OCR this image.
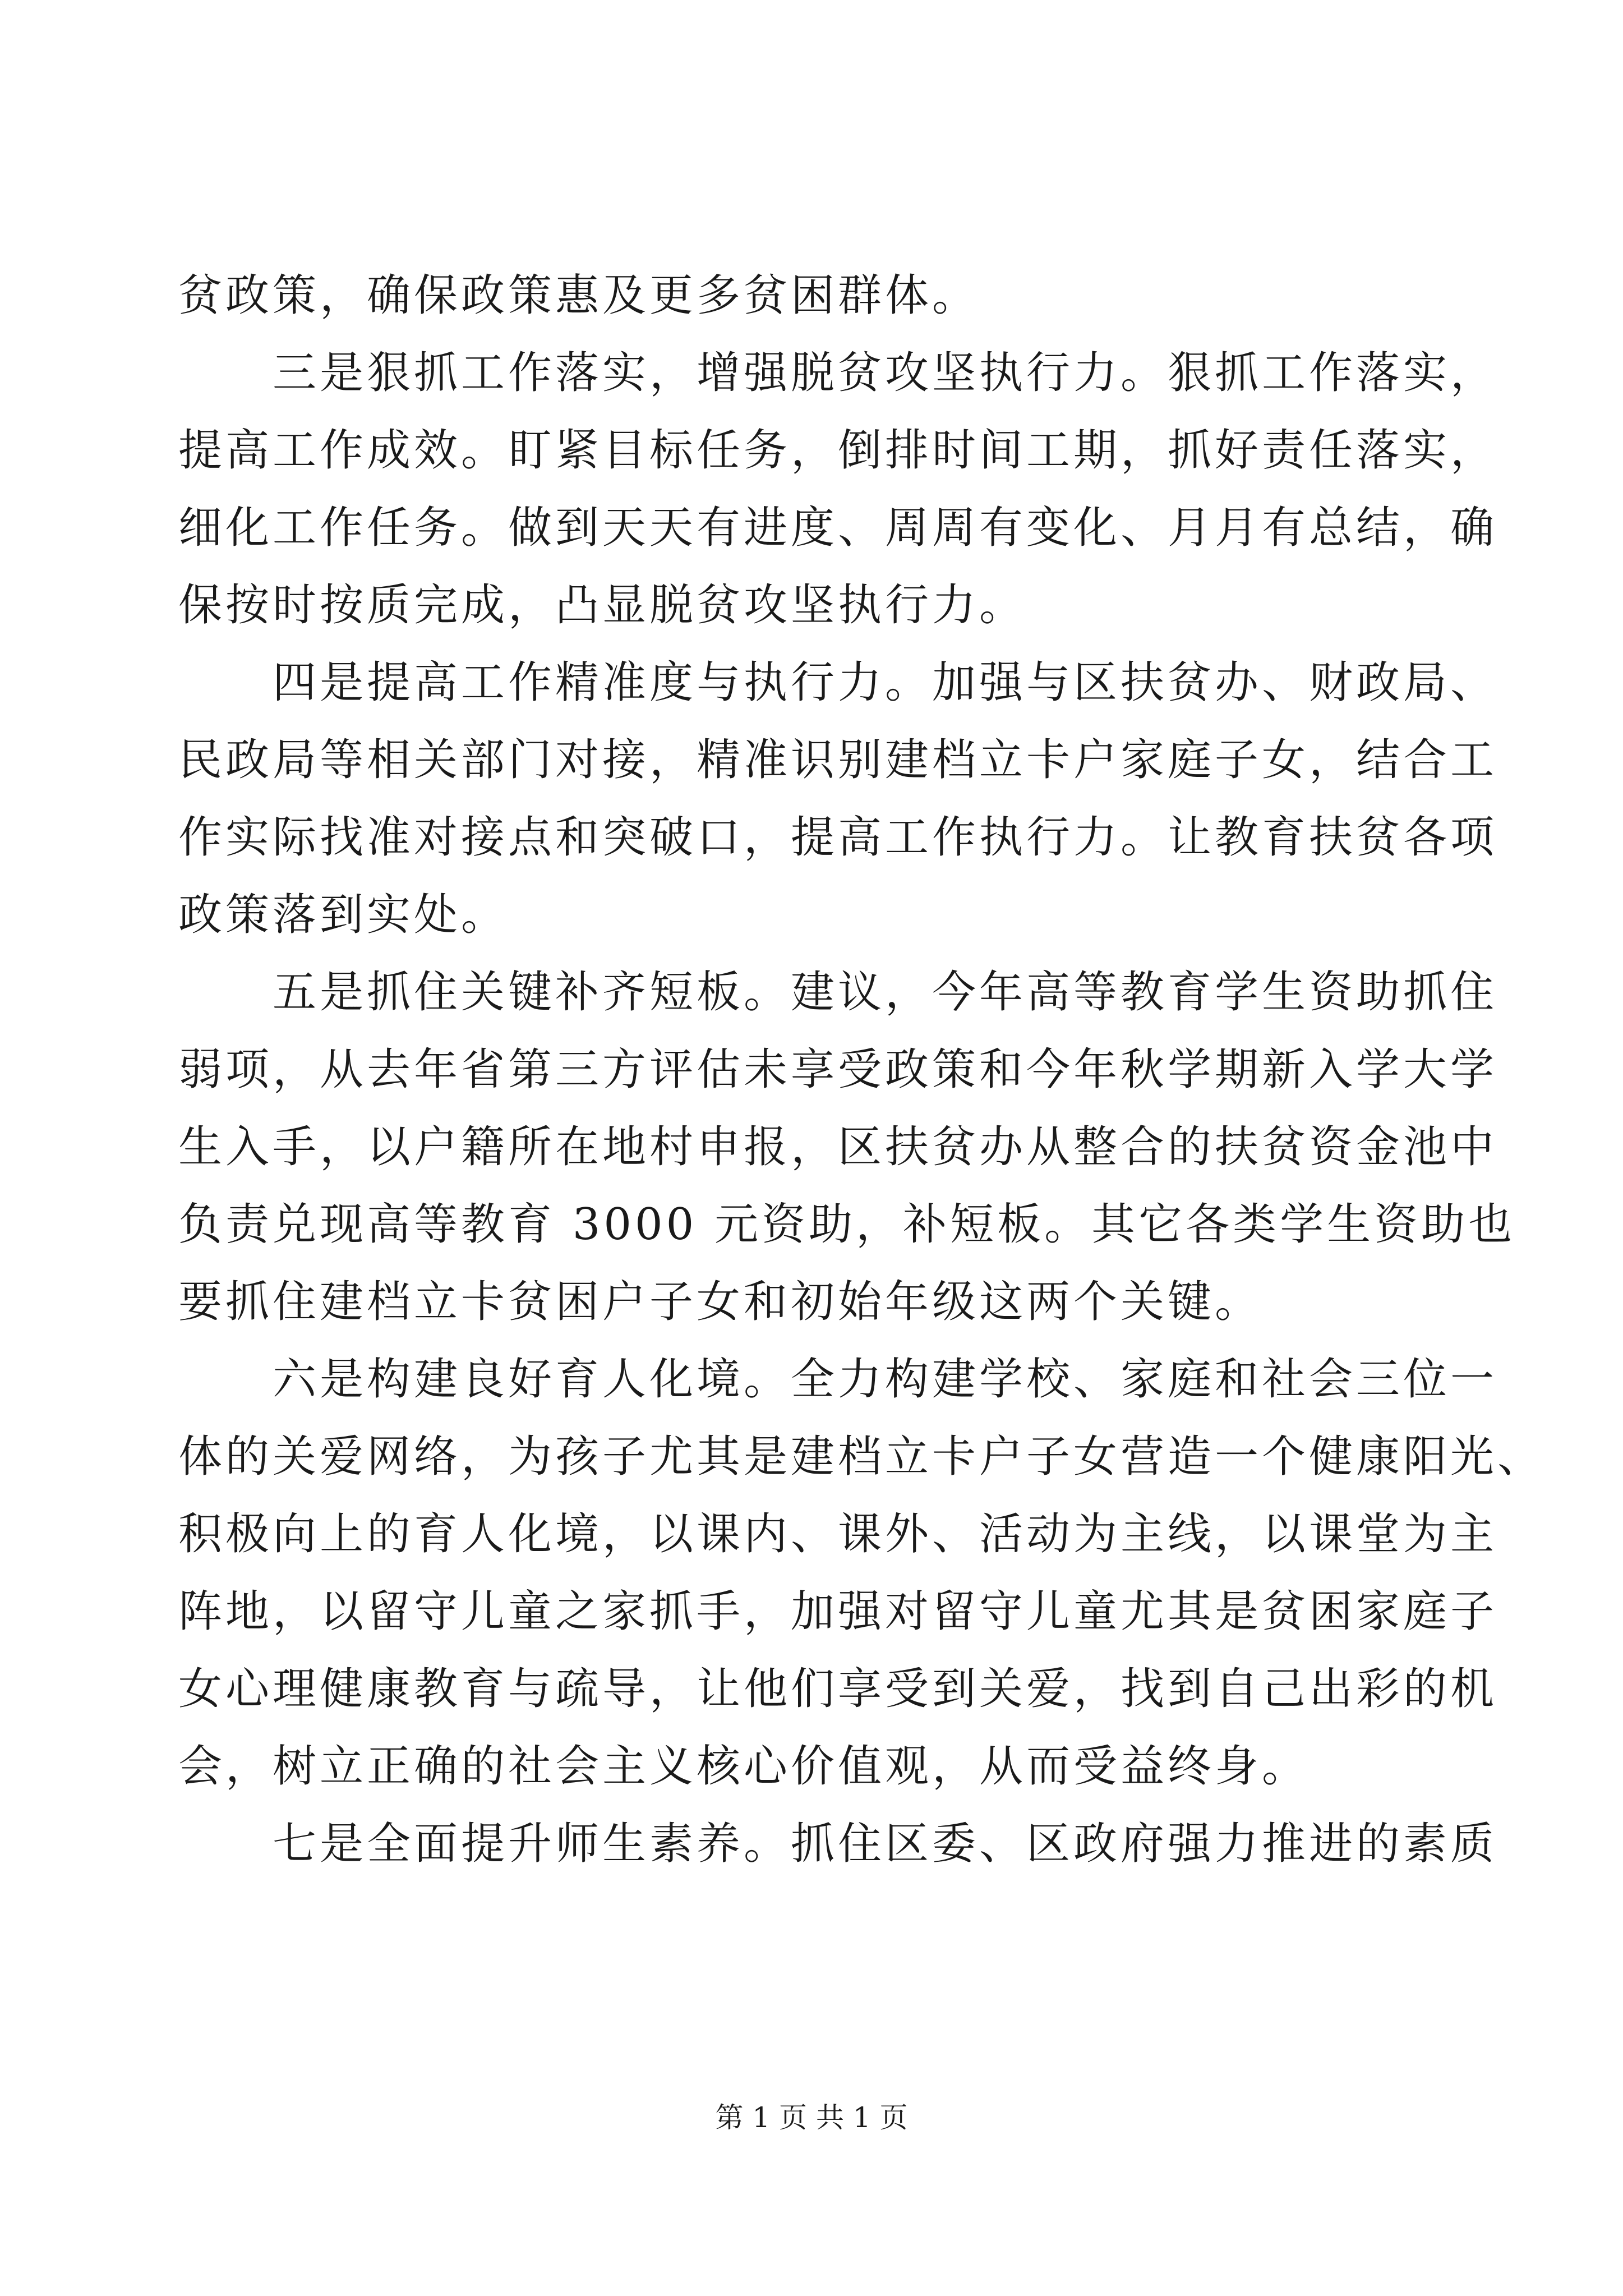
贫政策，确保政策惠及更多贫困群体。
　　三是狠抓工作落实，增强脱贫攻坚执行力。狠抓工作落实，
提高工作成效。盯紧目标任务，倒排时间工期，抓好责任落实，
细化工作任务。做到天天有进度、周周有变化、月月有总结，确
保按时按质完成，凸显脱贫攻坚执行力。
　　四是提高工作精准度与执行力。加强与区扶贫办、财政局、
民政局等相关部门对接，精准识别建档立卡户家庭子女，结合工
作实际找准对接点和突破口，提高工作执行力。让教育扶贫各项
政策落到实处。
　　五是抓住关键补齐短板。建议，今年高等教育学生资助抓住
弱项，从去年省第三方评估未享受政策和今年秋学期新入学大学
生入手，以户籍所在地村申报，区扶贫办从整合的扶贫资金池中
负责兑现高等教育 3000 元资助，补短板。其它各类学生资助也
要抓住建档立卡贫困户子女和初始年级这两个关键。
　　六是构建良好育人化境。全力构建学校、家庭和社会三位一
体的关爱网络，为孩子尤其是建档立卡户子女营造一个健康阳光、
积极向上的育人化境，以课内、课外、活动为主线，以课堂为主
阵地，以留守儿童之家抓手，加强对留守儿童尤其是贫困家庭子
女心理健康教育与疏导，让他们享受到关爱，找到自己出彩的机
会，树立正确的社会主义核心价值观，从而受益终身。
　　七是全面提升师生素养。抓住区委、区政府强力推进的素质
第 1 页 共 1 页
